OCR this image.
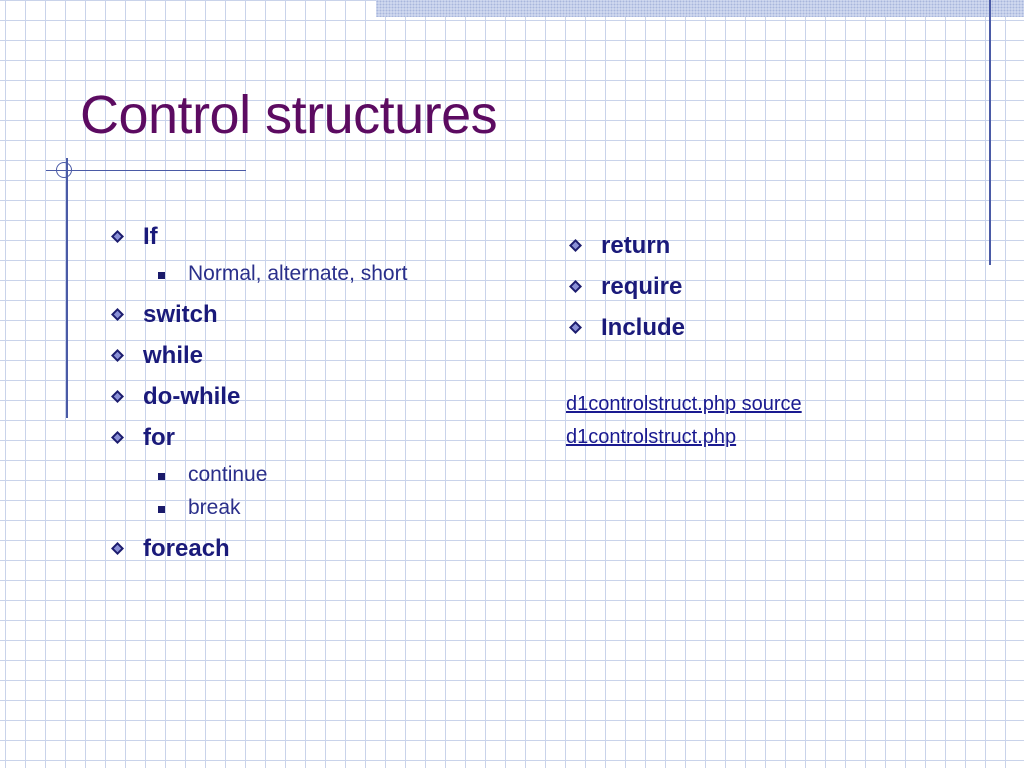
Control structures
If
Normal, alternate, short
switch
while
do-while
for
continue
break
foreach
return
require
Include
d1controlstruct.php source
d1controlstruct.php
